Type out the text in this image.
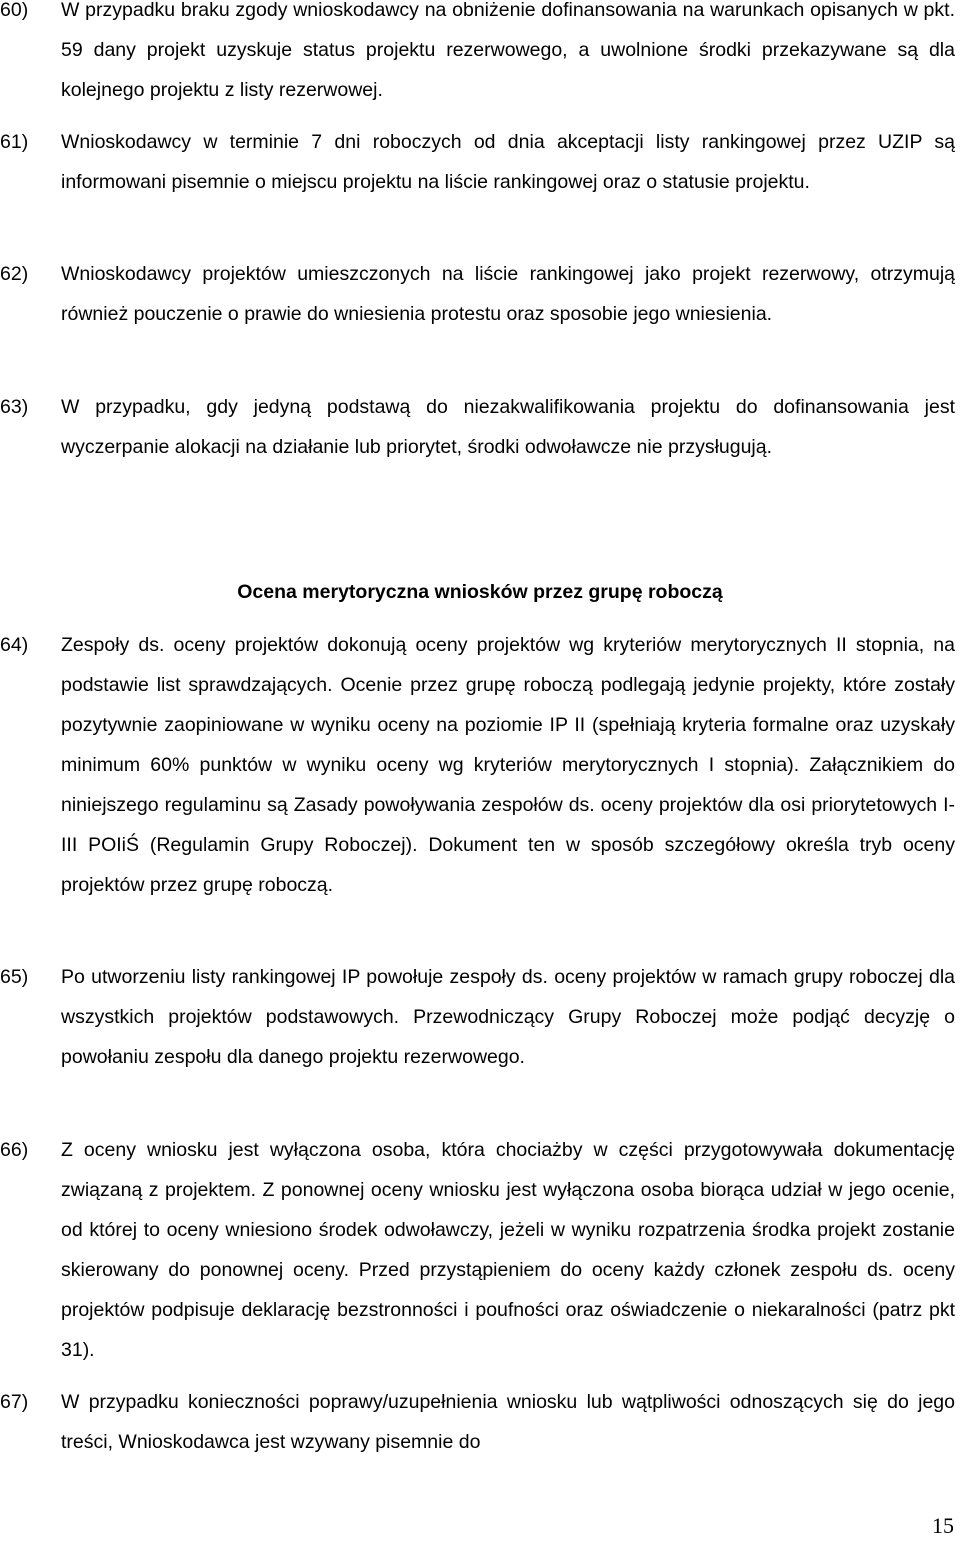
60)	W przypadku braku zgody wnioskodawcy na obniżenie dofinansowania na warunkach opisanych w pkt. 59 dany projekt uzyskuje status projektu rezerwowego, a uwolnione środki przekazywane są dla kolejnego projektu z listy rezerwowej.
61)	Wnioskodawcy w terminie 7 dni roboczych od dnia akceptacji listy rankingowej przez UZIP są informowani pisemnie o miejscu projektu na liście rankingowej oraz o statusie projektu.
62)	Wnioskodawcy projektów umieszczonych na liście rankingowej jako projekt rezerwowy, otrzymują również pouczenie o prawie do wniesienia protestu oraz sposobie jego wniesienia.
63)	W przypadku, gdy jedyną podstawą do niezakwalifikowania projektu do dofinansowania jest wyczerpanie alokacji na działanie lub priorytet, środki odwoławcze nie przysługują.
Ocena merytoryczna wniosków przez grupę roboczą
64)	Zespoły ds. oceny projektów dokonują oceny projektów wg kryteriów merytorycznych II stopnia, na podstawie list sprawdzających. Ocenie przez grupę roboczą podlegają jedynie projekty, które zostały pozytywnie zaopiniowane w wyniku oceny na poziomie IP II (spełniają kryteria formalne oraz uzyskały minimum 60% punktów w wyniku oceny wg kryteriów merytorycznych I stopnia). Załącznikiem do niniejszego regulaminu są Zasady powoływania zespołów ds. oceny projektów dla osi priorytetowych I-III POIiŚ (Regulamin Grupy Roboczej). Dokument ten w sposób szczegółowy określa tryb oceny projektów przez grupę roboczą.
65)	Po utworzeniu listy rankingowej IP powołuje zespoły ds. oceny projektów w ramach grupy roboczej dla wszystkich projektów podstawowych. Przewodniczący Grupy Roboczej może podjąć decyzję o powołaniu zespołu dla danego projektu rezerwowego.
66)	Z oceny wniosku jest wyłączona osoba, która chociażby w części przygotowywała dokumentację związaną z projektem. Z ponownej oceny wniosku jest wyłączona osoba biorąca udział w jego ocenie, od której to oceny wniesiono środek odwoławczy, jeżeli w wyniku rozpatrzenia środka projekt zostanie skierowany do ponownej oceny. Przed przystąpieniem do oceny każdy członek zespołu ds. oceny projektów podpisuje deklarację bezstronności i poufności oraz oświadczenie o niekaralności (patrz pkt 31).
67)	W przypadku konieczności poprawy/uzupełnienia wniosku lub wątpliwości odnoszących się do jego treści, Wnioskodawca jest wzywany pisemnie do
15
